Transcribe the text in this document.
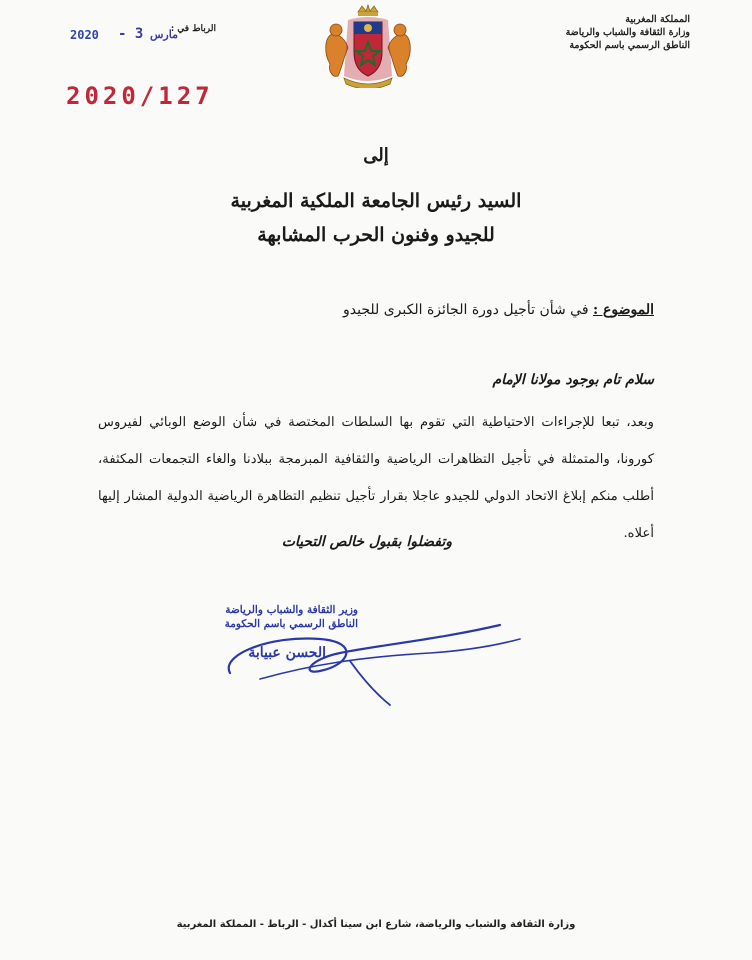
المملكة المغربية
وزارة الثقافة والشباب والرياضة
الناطق الرسمي باسم الحكومة
الرباط في :
2020 - 3 مارس
2020/127
إلى
السيد رئيس الجامعة الملكية المغربية
للجيدو وفنون الحرب المشابهة
الموضوع : في شأن تأجيل دورة الجائزة الكبرى للجيدو
سلام تام بوجود مولانا الإمام
وبعد، تبعا للإجراءات الاحتياطية التي تقوم بها السلطات المختصة في شأن الوضع الوبائي لفيروس كورونا، والمتمثلة في تأجيل التظاهرات الرياضية والثقافية المبرمجة ببلادنا والغاء التجمعات المكثفة، أطلب منكم إبلاغ الاتحاد الدولي للجيدو عاجلا بقرار تأجيل تنظيم التظاهرة الرياضية الدولية المشار إليها أعلاه.
وتفضلوا بقبول خالص التحيات
وزير الثقافة والشباب والرياضة
الناطق الرسمي باسم الحكومة
الحسن عبيابة
وزارة الثقافة والشباب والرياضة، شارع ابن سينا أكدال - الرباط - المملكة المغربية
